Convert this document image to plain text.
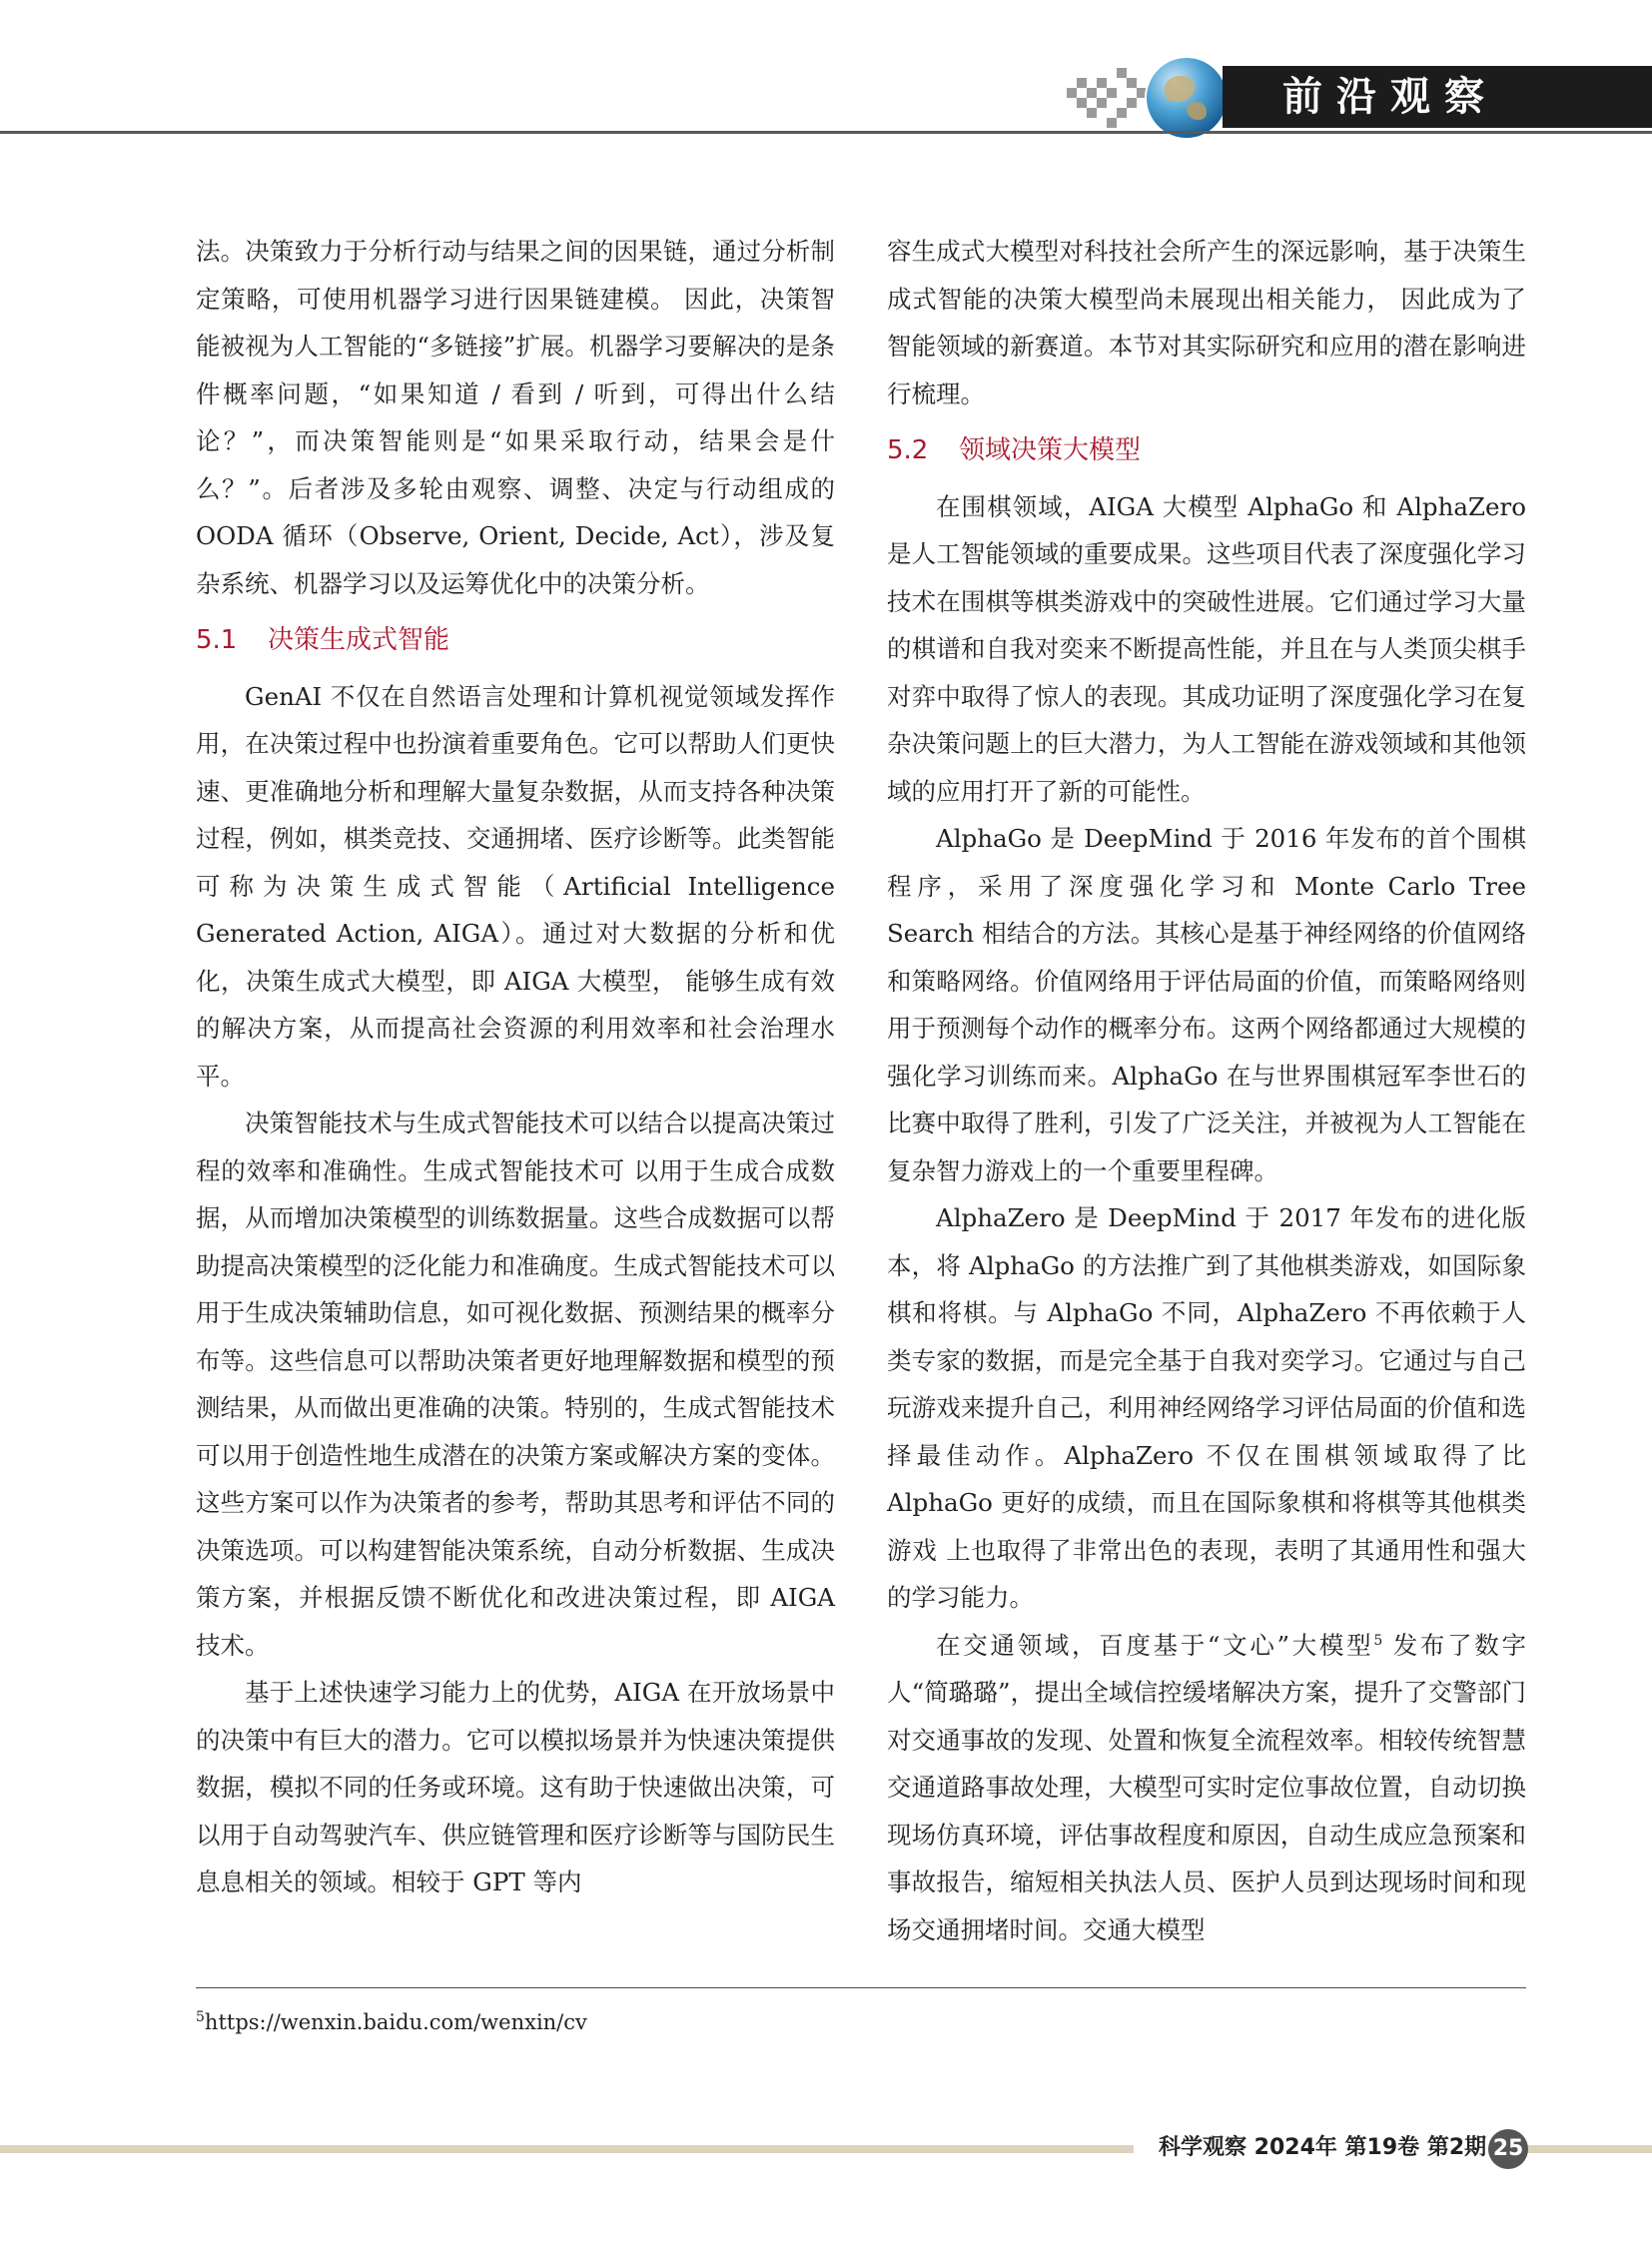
前沿观察

法。决策致力于分析行动与结果之间的因果链，通过分析制定策略，可使用机器学习进行因果链建模。 因此，决策智能被视为人工智能的“多链接”扩展。机器学习要解决的是条件概率问题，“如果知道 / 看到 / 听到，可得出什么结论？”，而决策智能则是“如果采取行动，结果会是什么？”。后者涉及多轮由观察、调整、决定与行动组成的 OODA 循环（Observe, Orient, Decide, Act），涉及复杂系统、机器学习以及运筹优化中的决策分析。

5.1 决策生成式智能

GenAI 不仅在自然语言处理和计算机视觉领域发挥作用，在决策过程中也扮演着重要角色。它可以帮助人们更快速、更准确地分析和理解大量复杂数据，从而支持各种决策过程，例如，棋类竞技、交通拥堵、医疗诊断等。此类智能可称为决策生成式智能（Artificial Intelligence Generated Action, AIGA）。通过对大数据的分析和优化，决策生成式大模型，即 AIGA 大模型， 能够生成有效的解决方案，从而提高社会资源的利用效率和社会治理水平。

决策智能技术与生成式智能技术可以结合以提高决策过程的效率和准确性。生成式智能技术可 以用于生成合成数据，从而增加决策模型的训练数据量。这些合成数据可以帮助提高决策模型的泛化能力和准确度。生成式智能技术可以用于生成决策辅助信息，如可视化数据、预测结果的概率分布等。这些信息可以帮助决策者更好地理解数据和模型的预测结果，从而做出更准确的决策。特别的，生成式智能技术可以用于创造性地生成潜在的决策方案或解决方案的变体。这些方案可以作为决策者的参考，帮助其思考和评估不同的决策选项。可以构建智能决策系统，自动分析数据、生成决策方案，并根据反馈不断优化和改进决策过程，即 AIGA 技术。

基于上述快速学习能力上的优势，AIGA 在开放场景中的决策中有巨大的潜力。它可以模拟场景并为快速决策提供数据，模拟不同的任务或环境。这有助于快速做出决策，可以用于自动驾驶汽车、供应链管理和医疗诊断等与国防民生息息相关的领域。相较于 GPT 等内

容生成式大模型对科技社会所产生的深远影响，基于决策生成式智能的决策大模型尚未展现出相关能力， 因此成为了智能领域的新赛道。本节对其实际研究和应用的潜在影响进行梳理。

5.2 领域决策大模型

在围棋领域，AIGA 大模型 AlphaGo 和 AlphaZero 是人工智能领域的重要成果。这些项目代表了深度强化学习技术在围棋等棋类游戏中的突破性进展。它们通过学习大量的棋谱和自我对奕来不断提高性能，并且在与人类顶尖棋手对弈中取得了惊人的表现。其成功证明了深度强化学习在复杂决策问题上的巨大潜力，为人工智能在游戏领域和其他领域的应用打开了新的可能性。

AlphaGo 是 DeepMind 于 2016 年发布的首个围棋程序，采用了深度强化学习和 Monte Carlo Tree Search 相结合的方法。其核心是基于神经网络的价值网络和策略网络。价值网络用于评估局面的价值，而策略网络则用于预测每个动作的概率分布。这两个网络都通过大规模的强化学习训练而来。AlphaGo 在与世界围棋冠军李世石的比赛中取得了胜利，引发了广泛关注，并被视为人工智能在复杂智力游戏上的一个重要里程碑。

AlphaZero 是 DeepMind 于 2017 年发布的进化版本，将 AlphaGo 的方法推广到了其他棋类游戏，如国际象棋和将棋。与 AlphaGo 不同，AlphaZero 不再依赖于人类专家的数据，而是完全基于自我对奕学习。它通过与自己玩游戏来提升自己，利用神经网络学习评估局面的价值和选择最佳动作。AlphaZero 不仅在围棋领域取得了比 AlphaGo 更好的成绩，而且在国际象棋和将棋等其他棋类游戏 上也取得了非常出色的表现，表明了其通用性和强大的学习能力。

在交通领域，百度基于“文心”大模型$^5$ 发布了数字人“简璐璐”，提出全域信控缓堵解决方案，提升了交警部门对交通事故的发现、处置和恢复全流程效率。相较传统智慧交通道路事故处理，大模型可实时定位事故位置，自动切换现场仿真环境，评估事故程度和原因，自动生成应急预案和事故报告，缩短相关执法人员、医护人员到达现场时间和现场交通拥堵时间。交通大模型

$^5$https://wenxin.baidu.com/wenxin/cv
科学观察 2024年 第19卷 第2期 25
